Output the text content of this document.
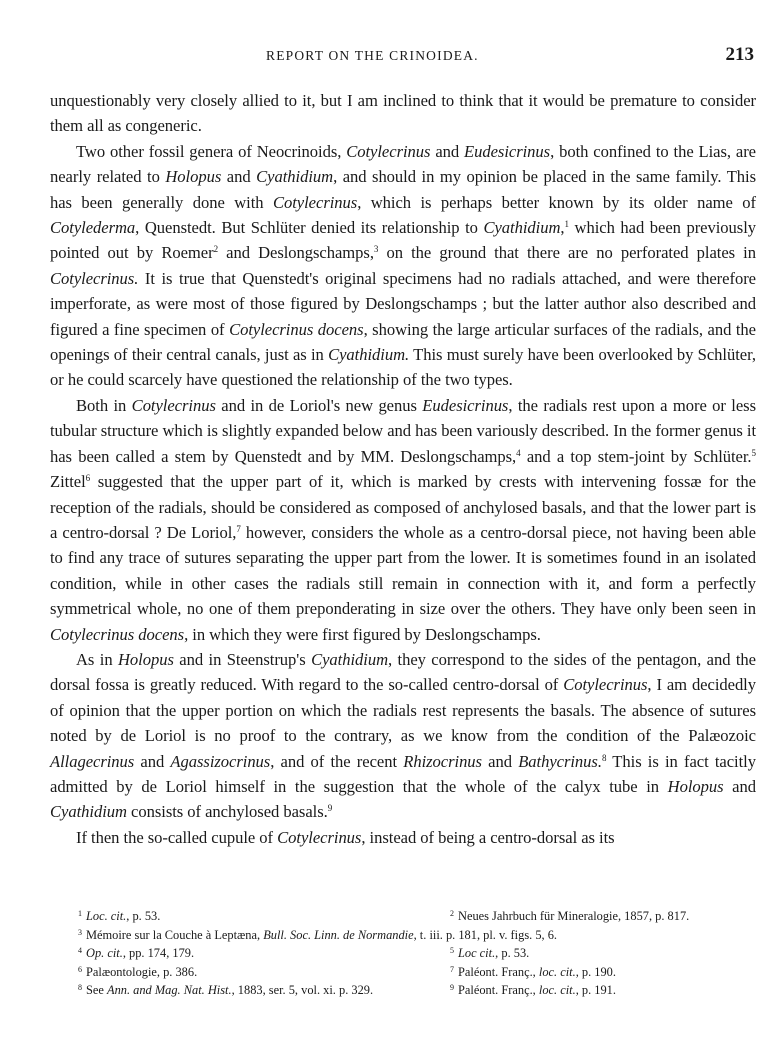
REPORT ON THE CRINOIDEA.	213

unquestionably very closely allied to it, but I am inclined to think that it would be premature to consider them all as congeneric.

Two other fossil genera of Neocrinoids, Cotylecrinus and Eudesicrinus, both confined to the Lias, are nearly related to Holopus and Cyathidium, and should in my opinion be placed in the same family. This has been generally done with Cotylecrinus, which is perhaps better known by its older name of Cotylederma, Quenstedt. But Schlüter denied its relationship to Cyathidium,$^1$ which had been previously pointed out by Roemer$^2$ and Deslongschamps,$^3$ on the ground that there are no perforated plates in Cotylecrinus. It is true that Quenstedt's original specimens had no radials attached, and were therefore imperforate, as were most of those figured by Deslongschamps ; but the latter author also described and figured a fine specimen of Cotylecrinus docens, showing the large articular surfaces of the radials, and the openings of their central canals, just as in Cyathidium. This must surely have been overlooked by Schlüter, or he could scarcely have questioned the relationship of the two types.

Both in Cotylecrinus and in de Loriol's new genus Eudesicrinus, the radials rest upon a more or less tubular structure which is slightly expanded below and has been variously described. In the former genus it has been called a stem by Quenstedt and by MM. Deslongschamps,$^4$ and a top stem-joint by Schlüter.$^5$ Zittel$^6$ suggested that the upper part of it, which is marked by crests with intervening fossæ for the reception of the radials, should be considered as composed of anchylosed basals, and that the lower part is a centro-dorsal ? De Loriol,$^7$ however, considers the whole as a centro-dorsal piece, not having been able to find any trace of sutures separating the upper part from the lower. It is sometimes found in an isolated condition, while in other cases the radials still remain in connection with it, and form a perfectly symmetrical whole, no one of them preponderating in size over the others. They have only been seen in Cotylecrinus docens, in which they were first figured by Deslongschamps.

As in Holopus and in Steenstrup's Cyathidium, they correspond to the sides of the pentagon, and the dorsal fossa is greatly reduced. With regard to the so-called centro-dorsal of Cotylecrinus, I am decidedly of opinion that the upper portion on which the radials rest represents the basals. The absence of sutures noted by de Loriol is no proof to the contrary, as we know from the condition of the Palæozoic Allagecrinus and Agassizocrinus, and of the recent Rhizocrinus and Bathycrinus.$^8$ This is in fact tacitly admitted by de Loriol himself in the suggestion that the whole of the calyx tube in Holopus and Cyathidium consists of anchylosed basals.$^9$

If then the so-called cupule of Cotylecrinus, instead of being a centro-dorsal as its

$^1$ Loc. cit., p. 53.	$^2$ Neues Jahrbuch für Mineralogie, 1857, p. 817.
$^3$ Mémoire sur la Couche à Leptæna, Bull. Soc. Linn. de Normandie, t. iii. p. 181, pl. v. figs. 5, 6.
$^4$ Op. cit., pp. 174, 179.	$^5$ Loc cit., p. 53.
$^6$ Palæontologie, p. 386.	$^7$ Paléont. Franç., loc. cit., p. 190.
$^8$ See Ann. and Mag. Nat. Hist., 1883, ser. 5, vol. xi. p. 329.	$^9$ Paléont. Franç., loc. cit., p. 191.
